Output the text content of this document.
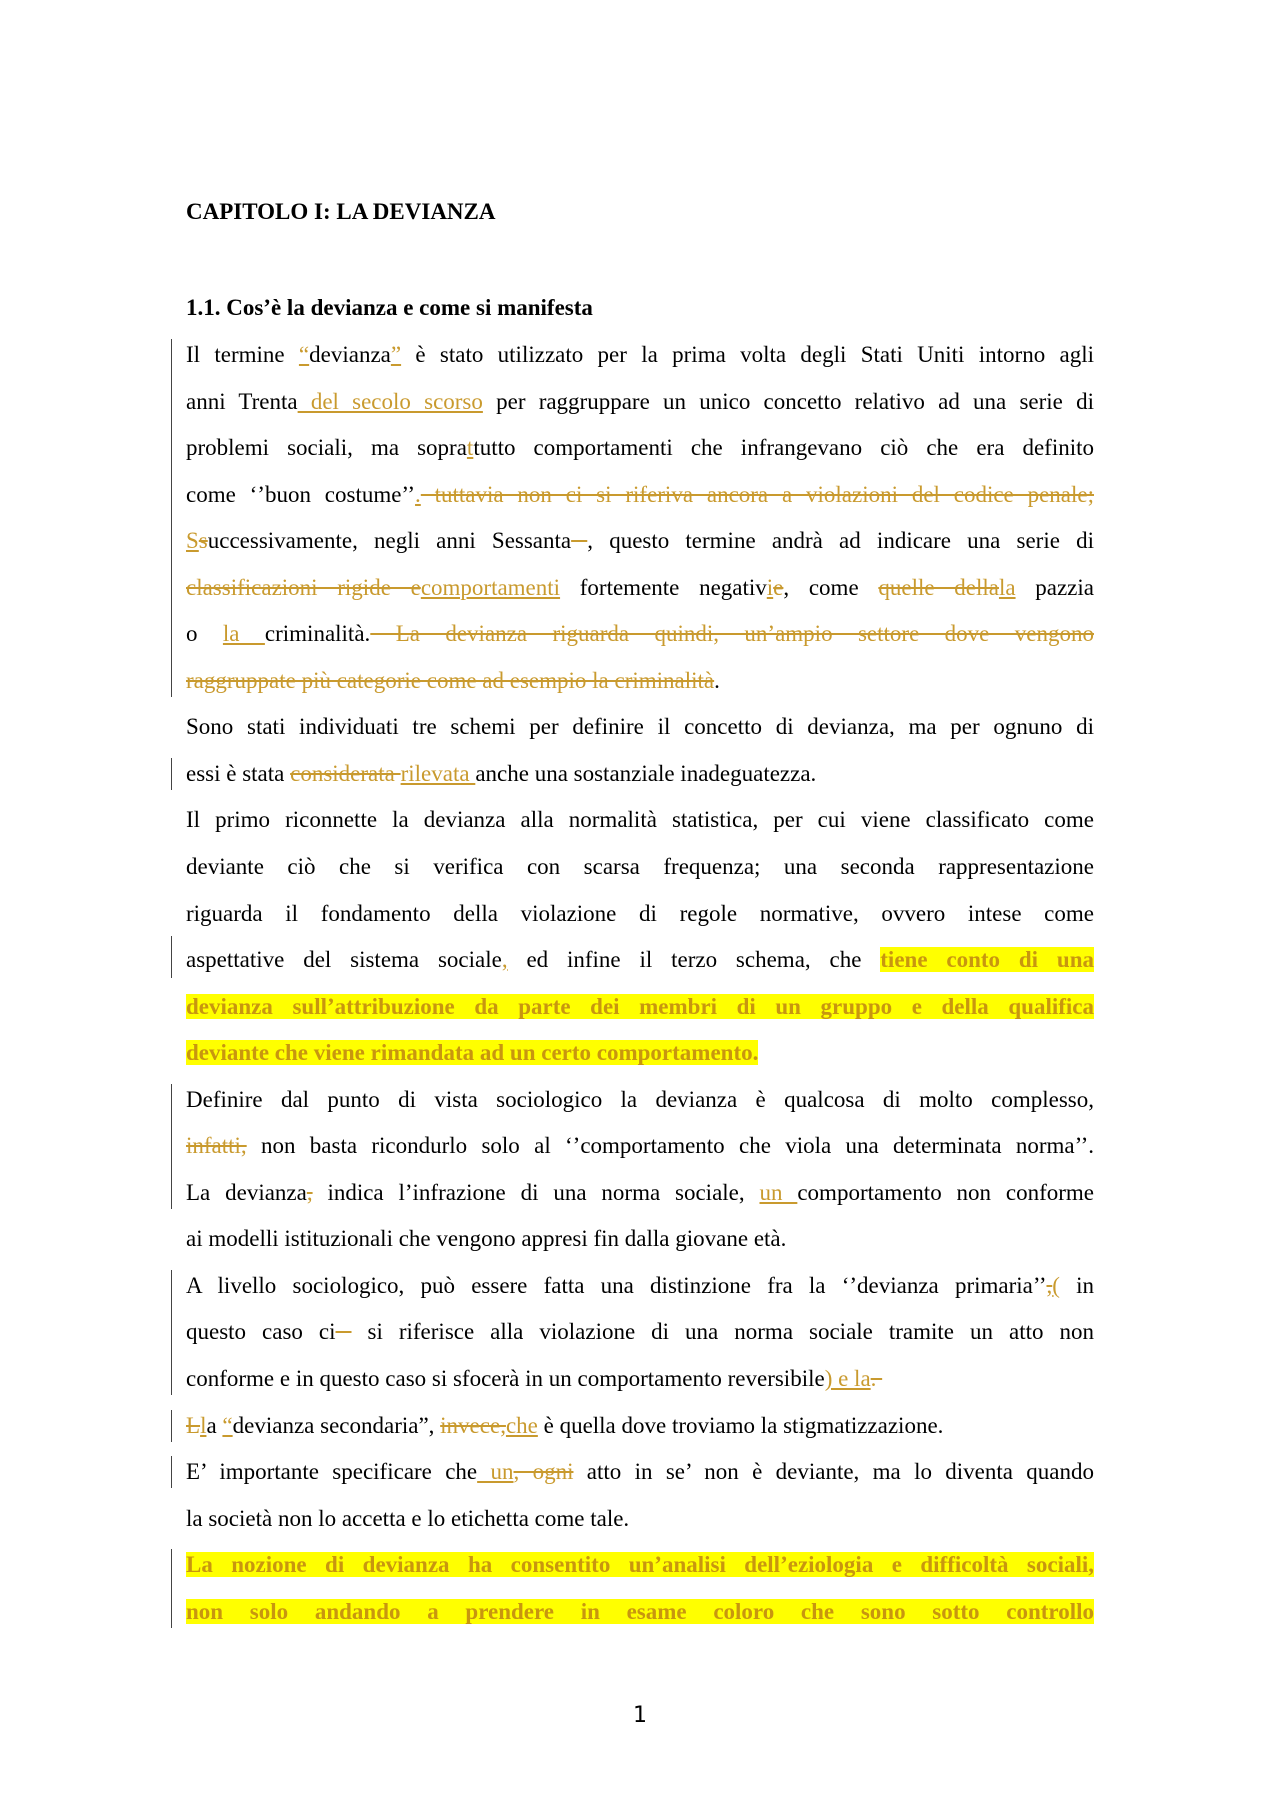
CAPITOLO I: LA DEVIANZA
1.1. Cos’è la devianza e come si manifesta
Il termine “devianza” è stato utilizzato per la prima volta degli Stati Uniti intorno agli
anni Trenta del secolo scorso per raggruppare un unico concetto relativo ad una serie di
problemi sociali, ma soprattutto comportamenti che infrangevano ciò che era definito
come ‘’buon costume’’. tuttavia non ci si riferiva ancora a violazioni del codice penale;
Ssuccessivamente, negli anni Sessanta , questo termine andrà ad indicare una serie di
classificazioni rigide ecomportamenti fortemente negativie, come quelle dellala pazzia
o la criminalità. La devianza riguarda quindi, un’ampio settore dove vengono
raggruppate più categorie come ad esempio la criminalità.
Sono stati individuati tre schemi per definire il concetto di devianza, ma per ognuno di
essi è stata considerata rilevata anche una sostanziale inadeguatezza.
Il primo riconnette la devianza alla normalità statistica, per cui viene classificato come
deviante ciò che si verifica con scarsa frequenza; una seconda rappresentazione
riguarda il fondamento della violazione di regole normative, ovvero intese come
aspettative del sistema sociale, ed infine il terzo schema, che tiene conto di una
devianza sull’attribuzione da parte dei membri di un gruppo e della qualifica
deviante che viene rimandata ad un certo comportamento.
Definire dal punto di vista sociologico la devianza è qualcosa di molto complesso,
infatti, non basta ricondurlo solo al ‘’comportamento che viola una determinata norma’’.
La devianza, indica l’infrazione di una norma sociale, un comportamento non conforme
ai modelli istituzionali che vengono appresi fin dalla giovane età.
A livello sociologico, può essere fatta una distinzione fra la ‘’devianza primaria’’,( in
questo caso ci  si riferisce alla violazione di una norma sociale tramite un atto non
conforme e in questo caso si sfocerà in un comportamento reversibile) e la.
Lla “devianza secondaria”, invece,che è quella dove troviamo la stigmatizzazione.
E’ importante specificare che un, ogni atto in se’ non è deviante, ma lo diventa quando
la società non lo accetta e lo etichetta come tale.
La nozione di devianza ha consentito un’analisi dell’eziologia e difficoltà sociali,
non solo andando a prendere in esame coloro che sono sotto controllo
1
